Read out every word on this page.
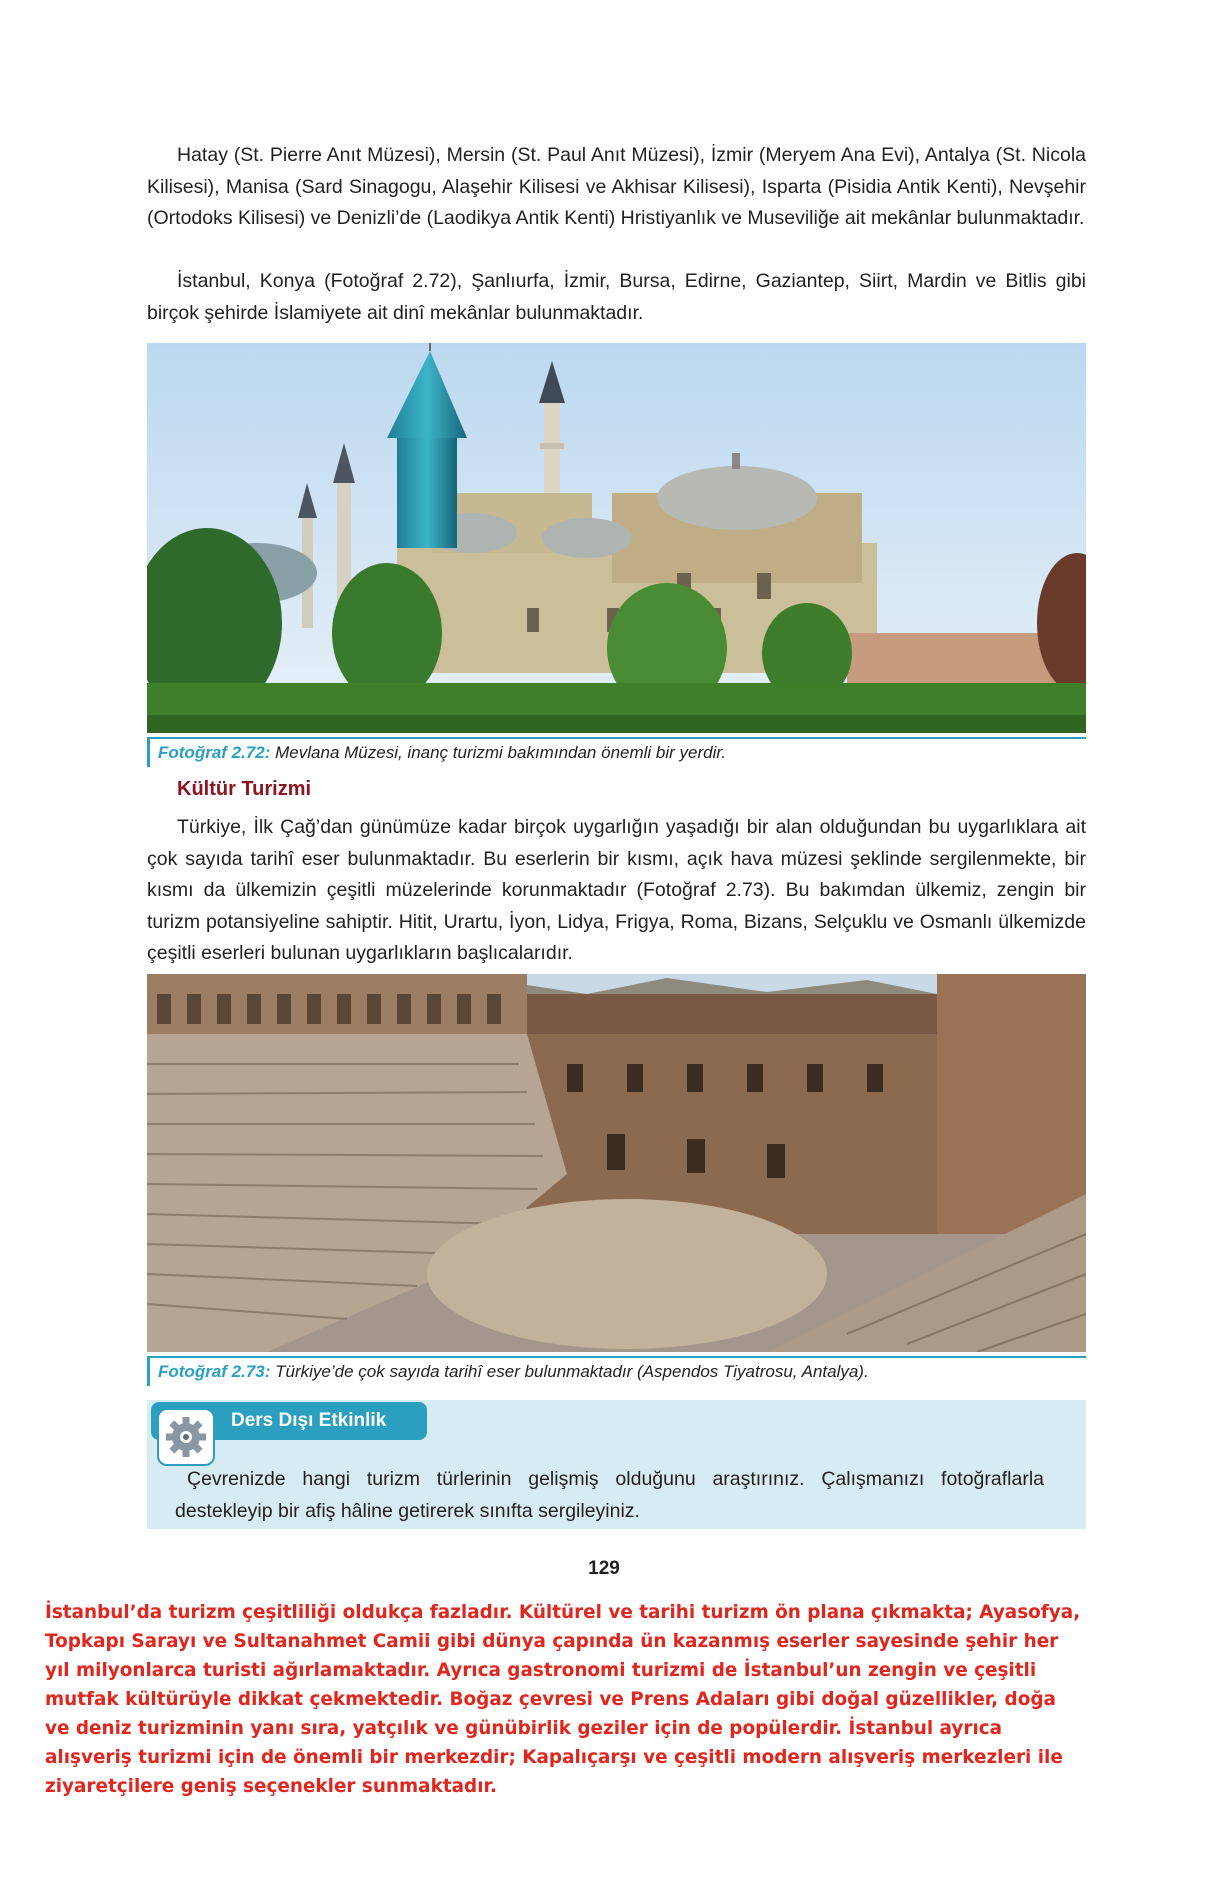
Hatay (St. Pierre Anıt Müzesi), Mersin (St. Paul Anıt Müzesi), İzmir (Meryem Ana Evi), Antalya (St. Nicola Kilisesi), Manisa (Sard Sinagogu, Alaşehir Kilisesi ve Akhisar Kilisesi), Isparta (Pisidia Antik Kenti), Nevşehir (Ortodoks Kilisesi) ve Denizli’de (Laodikya Antik Kenti) Hristiyanlık ve Museviliğe ait mekânlar bulunmaktadır.

İstanbul, Konya (Fotoğraf 2.72), Şanlıurfa, İzmir, Bursa, Edirne, Gaziantep, Siirt, Mardin ve Bitlis gibi birçok şehirde İslamiyete ait dinî mekânlar bulunmaktadır.

Fotoğraf 2.72: Mevlana Müzesi, inanç turizmi bakımından önemli bir yerdir.
Kültür Turizmi

Türkiye, İlk Çağ’dan günümüze kadar birçok uygarlığın yaşadığı bir alan olduğundan bu uygarlıklara ait çok sayıda tarihî eser bulunmaktadır. Bu eserlerin bir kısmı, açık hava müzesi şeklinde sergilenmekte, bir kısmı da ülkemizin çeşitli müzelerinde korunmaktadır (Fotoğraf 2.73). Bu bakımdan ülkemiz, zengin bir turizm potansiyeline sahiptir. Hitit, Urartu, İyon, Lidya, Frigya, Roma, Bizans, Selçuklu ve Osmanlı ülkemizde çeşitli eserleri bulunan uygarlıkların başlıcalarıdır.

Fotoğraf 2.73: Türkiye’de çok sayıda tarihî eser bulunmaktadır (Aspendos Tiyatrosu, Antalya).
Ders Dışı Etkinlik

Çevrenizde hangi turizm türlerinin gelişmiş olduğunu araştırınız. Çalışmanızı fotoğraflarla destekleyip bir afiş hâline getirerek sınıfta sergileyiniz.

129

İstanbul’da turizm çeşitliliği oldukça fazladır. Kültürel ve tarihi turizm ön plana çıkmakta; Ayasofya, Topkapı Sarayı ve Sultanahmet Camii gibi dünya çapında ün kazanmış eserler sayesinde şehir her yıl milyonlarca turisti ağırlamaktadır. Ayrıca gastronomi turizmi de İstanbul’un zengin ve çeşitli mutfak kültürüyle dikkat çekmektedir. Boğaz çevresi ve Prens Adaları gibi doğal güzellikler, doğa ve deniz turizminin yanı sıra, yatçılık ve günübirlik geziler için de popülerdir. İstanbul ayrıca alışveriş turizmi için de önemli bir merkezdir; Kapalıçarşı ve çeşitli modern alışveriş merkezleri ile ziyaretçilere geniş seçenekler sunmaktadır.
